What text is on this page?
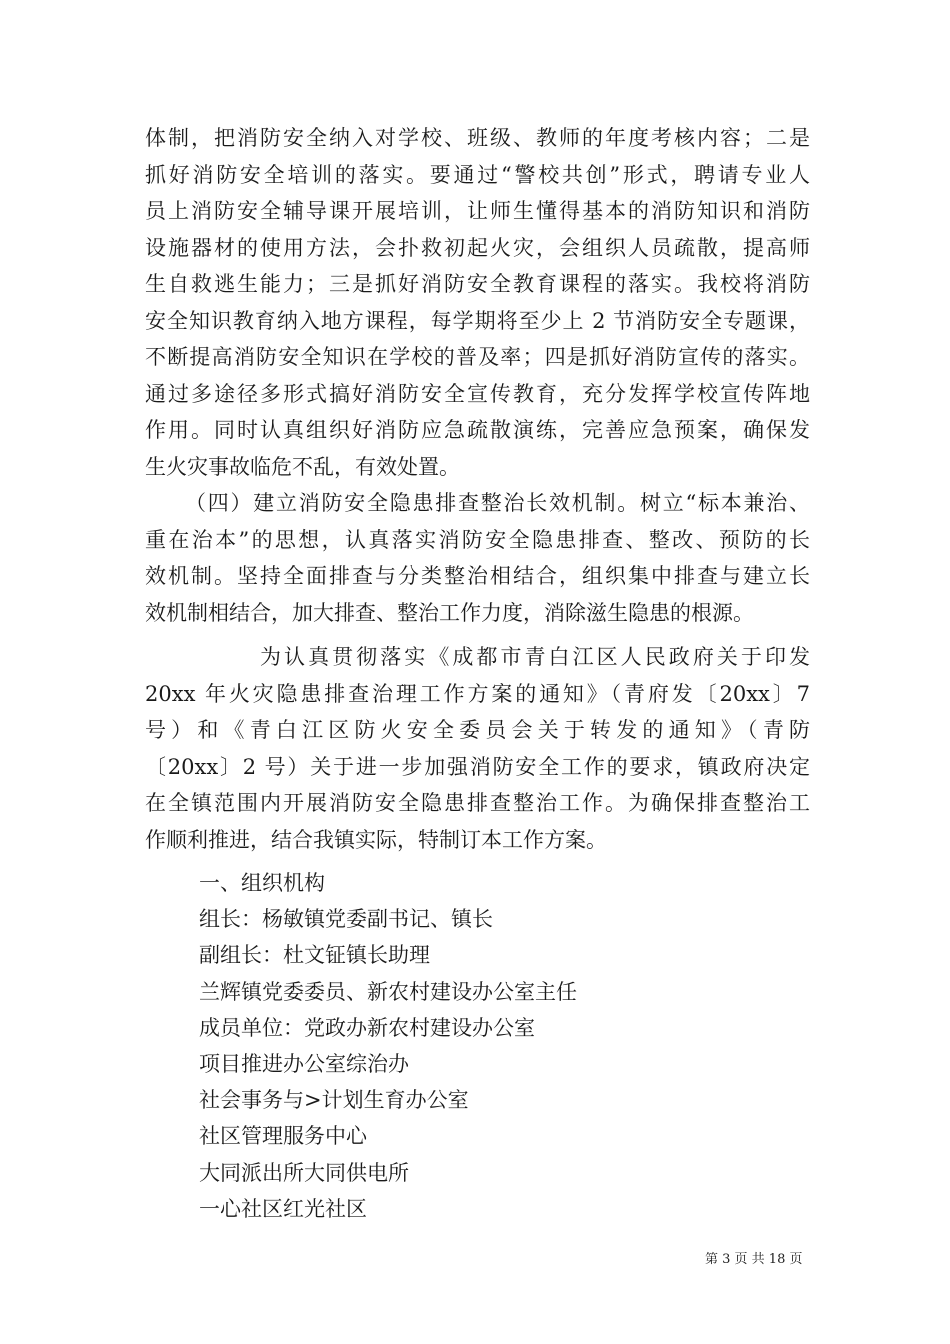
体制，把消防安全纳入对学校、班级、教师的年度考核内容；二是
抓好消防安全培训的落实。要通过“警校共创”形式，聘请专业人
员上消防安全辅导课开展培训，让师生懂得基本的消防知识和消防
设施器材的使用方法，会扑救初起火灾，会组织人员疏散，提高师
生自救逃生能力；三是抓好消防安全教育课程的落实。我校将消防
安全知识教育纳入地方课程，每学期将至少上 2 节消防安全专题课，
不断提高消防安全知识在学校的普及率；四是抓好消防宣传的落实。
通过多途径多形式搞好消防安全宣传教育，充分发挥学校宣传阵地
作用。同时认真组织好消防应急疏散演练，完善应急预案，确保发
生火灾事故临危不乱，有效处置。
（四）建立消防安全隐患排查整治长效机制。树立“标本兼治、
重在治本”的思想，认真落实消防安全隐患排查、整改、预防的长
效机制。坚持全面排查与分类整治相结合，组织集中排查与建立长
效机制相结合，加大排查、整治工作力度，消除滋生隐患的根源。
为认真贯彻落实《成都市青白江区人民政府关于印发
20xx 年火灾隐患排查治理工作方案的通知》（青府发〔20xx〕7
号）和《青白江区防火安全委员会关于转发的通知》（青防
〔20xx〕2 号）关于进一步加强消防安全工作的要求，镇政府决定
在全镇范围内开展消防安全隐患排查整治工作。为确保排查整治工
作顺利推进，结合我镇实际，特制订本工作方案。
一、组织机构
组长：杨敏镇党委副书记、镇长
副组长：杜文钲镇长助理
兰辉镇党委委员、新农村建设办公室主任
成员单位：党政办新农村建设办公室
项目推进办公室综治办
社会事务与>计划生育办公室
社区管理服务中心
大同派出所大同供电所
一心社区红光社区
第 3 页 共 18 页
